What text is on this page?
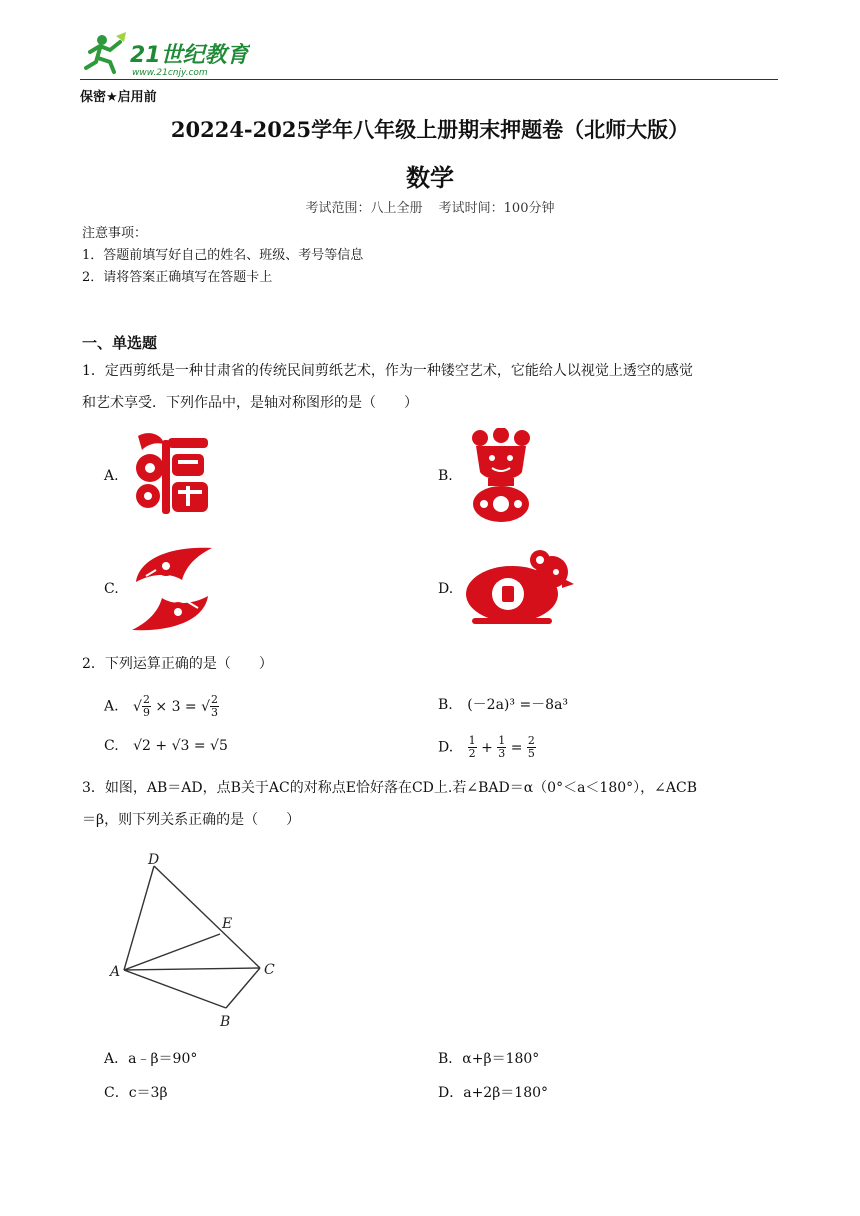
21世纪教育
www.21cnjy.com
保密★启用前
20224-2025学年八年级上册期末押题卷（北师大版）
数学
考试范围：八上全册 考试时间：100分钟
注意事项：
1．答题前填写好自己的姓名、班级、考号等信息
2．请将答案正确填写在答题卡上
一、单选题
1．定西剪纸是一种甘肃省的传统民间剪纸艺术，作为一种镂空艺术，它能给人以视觉上透空的感觉
和艺术享受．下列作品中，是轴对称图形的是（　　）
A.	B.
C.	D.
2．下列运算正确的是（　　）
A. √ $\frac{2}{9} \times 3$ = √ $\frac{2}{3}$	B. (－2a)³ =－8a³
C. √2 + √3 = √5	D. $\frac{1}{2} + \frac{1}{3} = \frac{2}{5}$
3．如图，AB＝AD，点B关于AC的对称点E恰好落在CD上.若∠BAD＝α（0°＜a＜180°），∠ACB
＝β，则下列关系正确的是（　　）
D
E
A	C
B
A．a﹣β＝90°	B．α+β＝180°
C．c＝3β	D．a+2β＝180°
